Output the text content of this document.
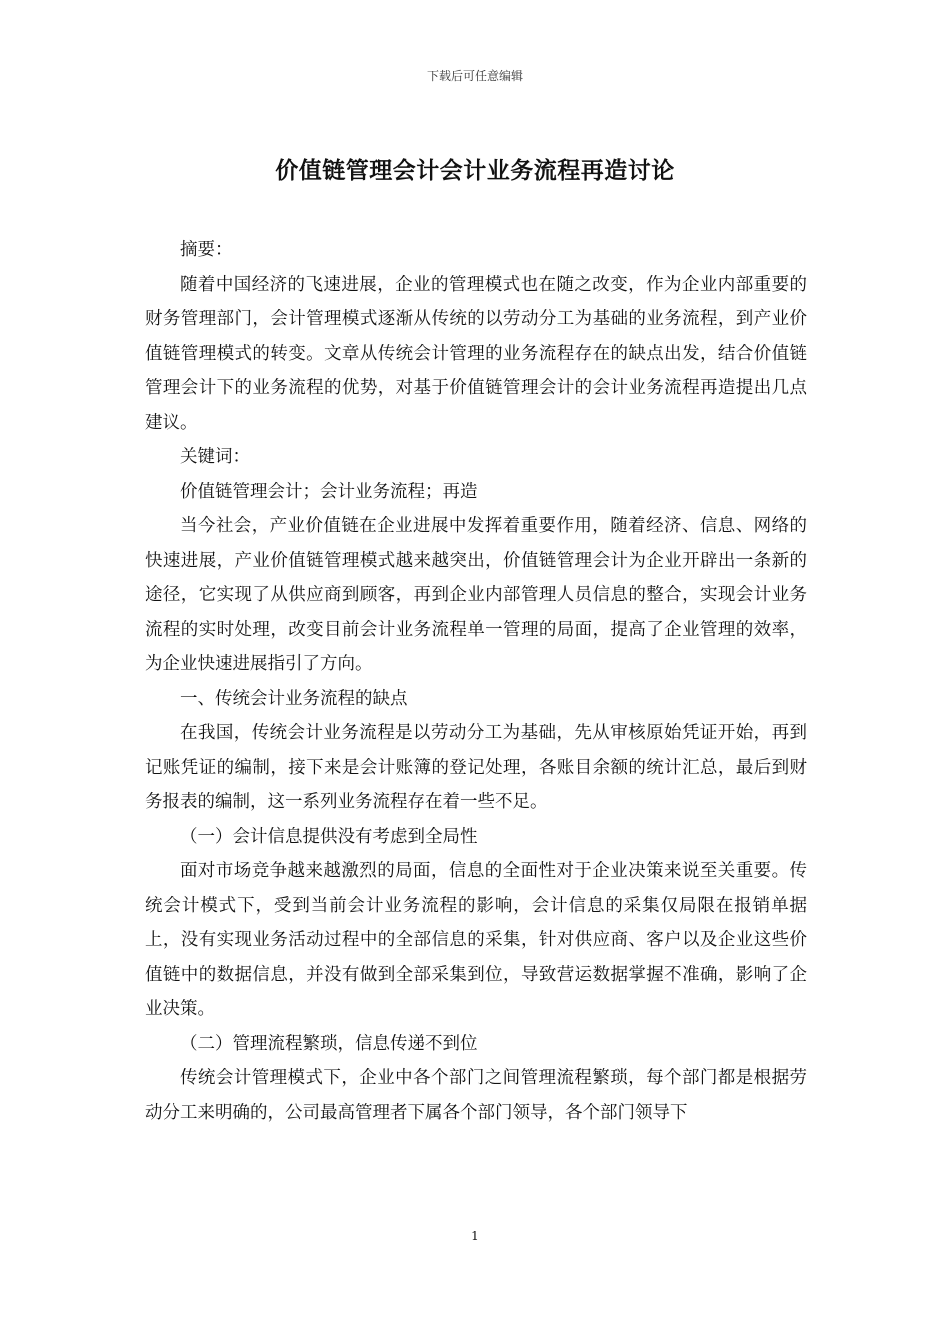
下载后可任意编辑
价值链管理会计会计业务流程再造讨论

摘要：

随着中国经济的飞速进展，企业的管理模式也在随之改变，作为企业内部重要的财务管理部门，会计管理模式逐渐从传统的以劳动分工为基础的业务流程，到产业价值链管理模式的转变。文章从传统会计管理的业务流程存在的缺点出发，结合价值链管理会计下的业务流程的优势，对基于价值链管理会计的会计业务流程再造提出几点建议。

关键词：

价值链管理会计；会计业务流程；再造

当今社会，产业价值链在企业进展中发挥着重要作用，随着经济、信息、网络的快速进展，产业价值链管理模式越来越突出，价值链管理会计为企业开辟出一条新的途径，它实现了从供应商到顾客，再到企业内部管理人员信息的整合，实现会计业务流程的实时处理，改变目前会计业务流程单一管理的局面，提高了企业管理的效率，为企业快速进展指引了方向。

一、传统会计业务流程的缺点

在我国，传统会计业务流程是以劳动分工为基础，先从审核原始凭证开始，再到记账凭证的编制，接下来是会计账簿的登记处理，各账目余额的统计汇总，最后到财务报表的编制，这一系列业务流程存在着一些不足。

（一）会计信息提供没有考虑到全局性

面对市场竞争越来越激烈的局面，信息的全面性对于企业决策来说至关重要。传统会计模式下，受到当前会计业务流程的影响，会计信息的采集仅局限在报销单据上，没有实现业务活动过程中的全部信息的采集，针对供应商、客户以及企业这些价值链中的数据信息，并没有做到全部采集到位，导致营运数据掌握不准确，影响了企业决策。

（二）管理流程繁琐，信息传递不到位

传统会计管理模式下，企业中各个部门之间管理流程繁琐，每个部门都是根据劳动分工来明确的，公司最高管理者下属各个部门领导，各个部门领导下

1
